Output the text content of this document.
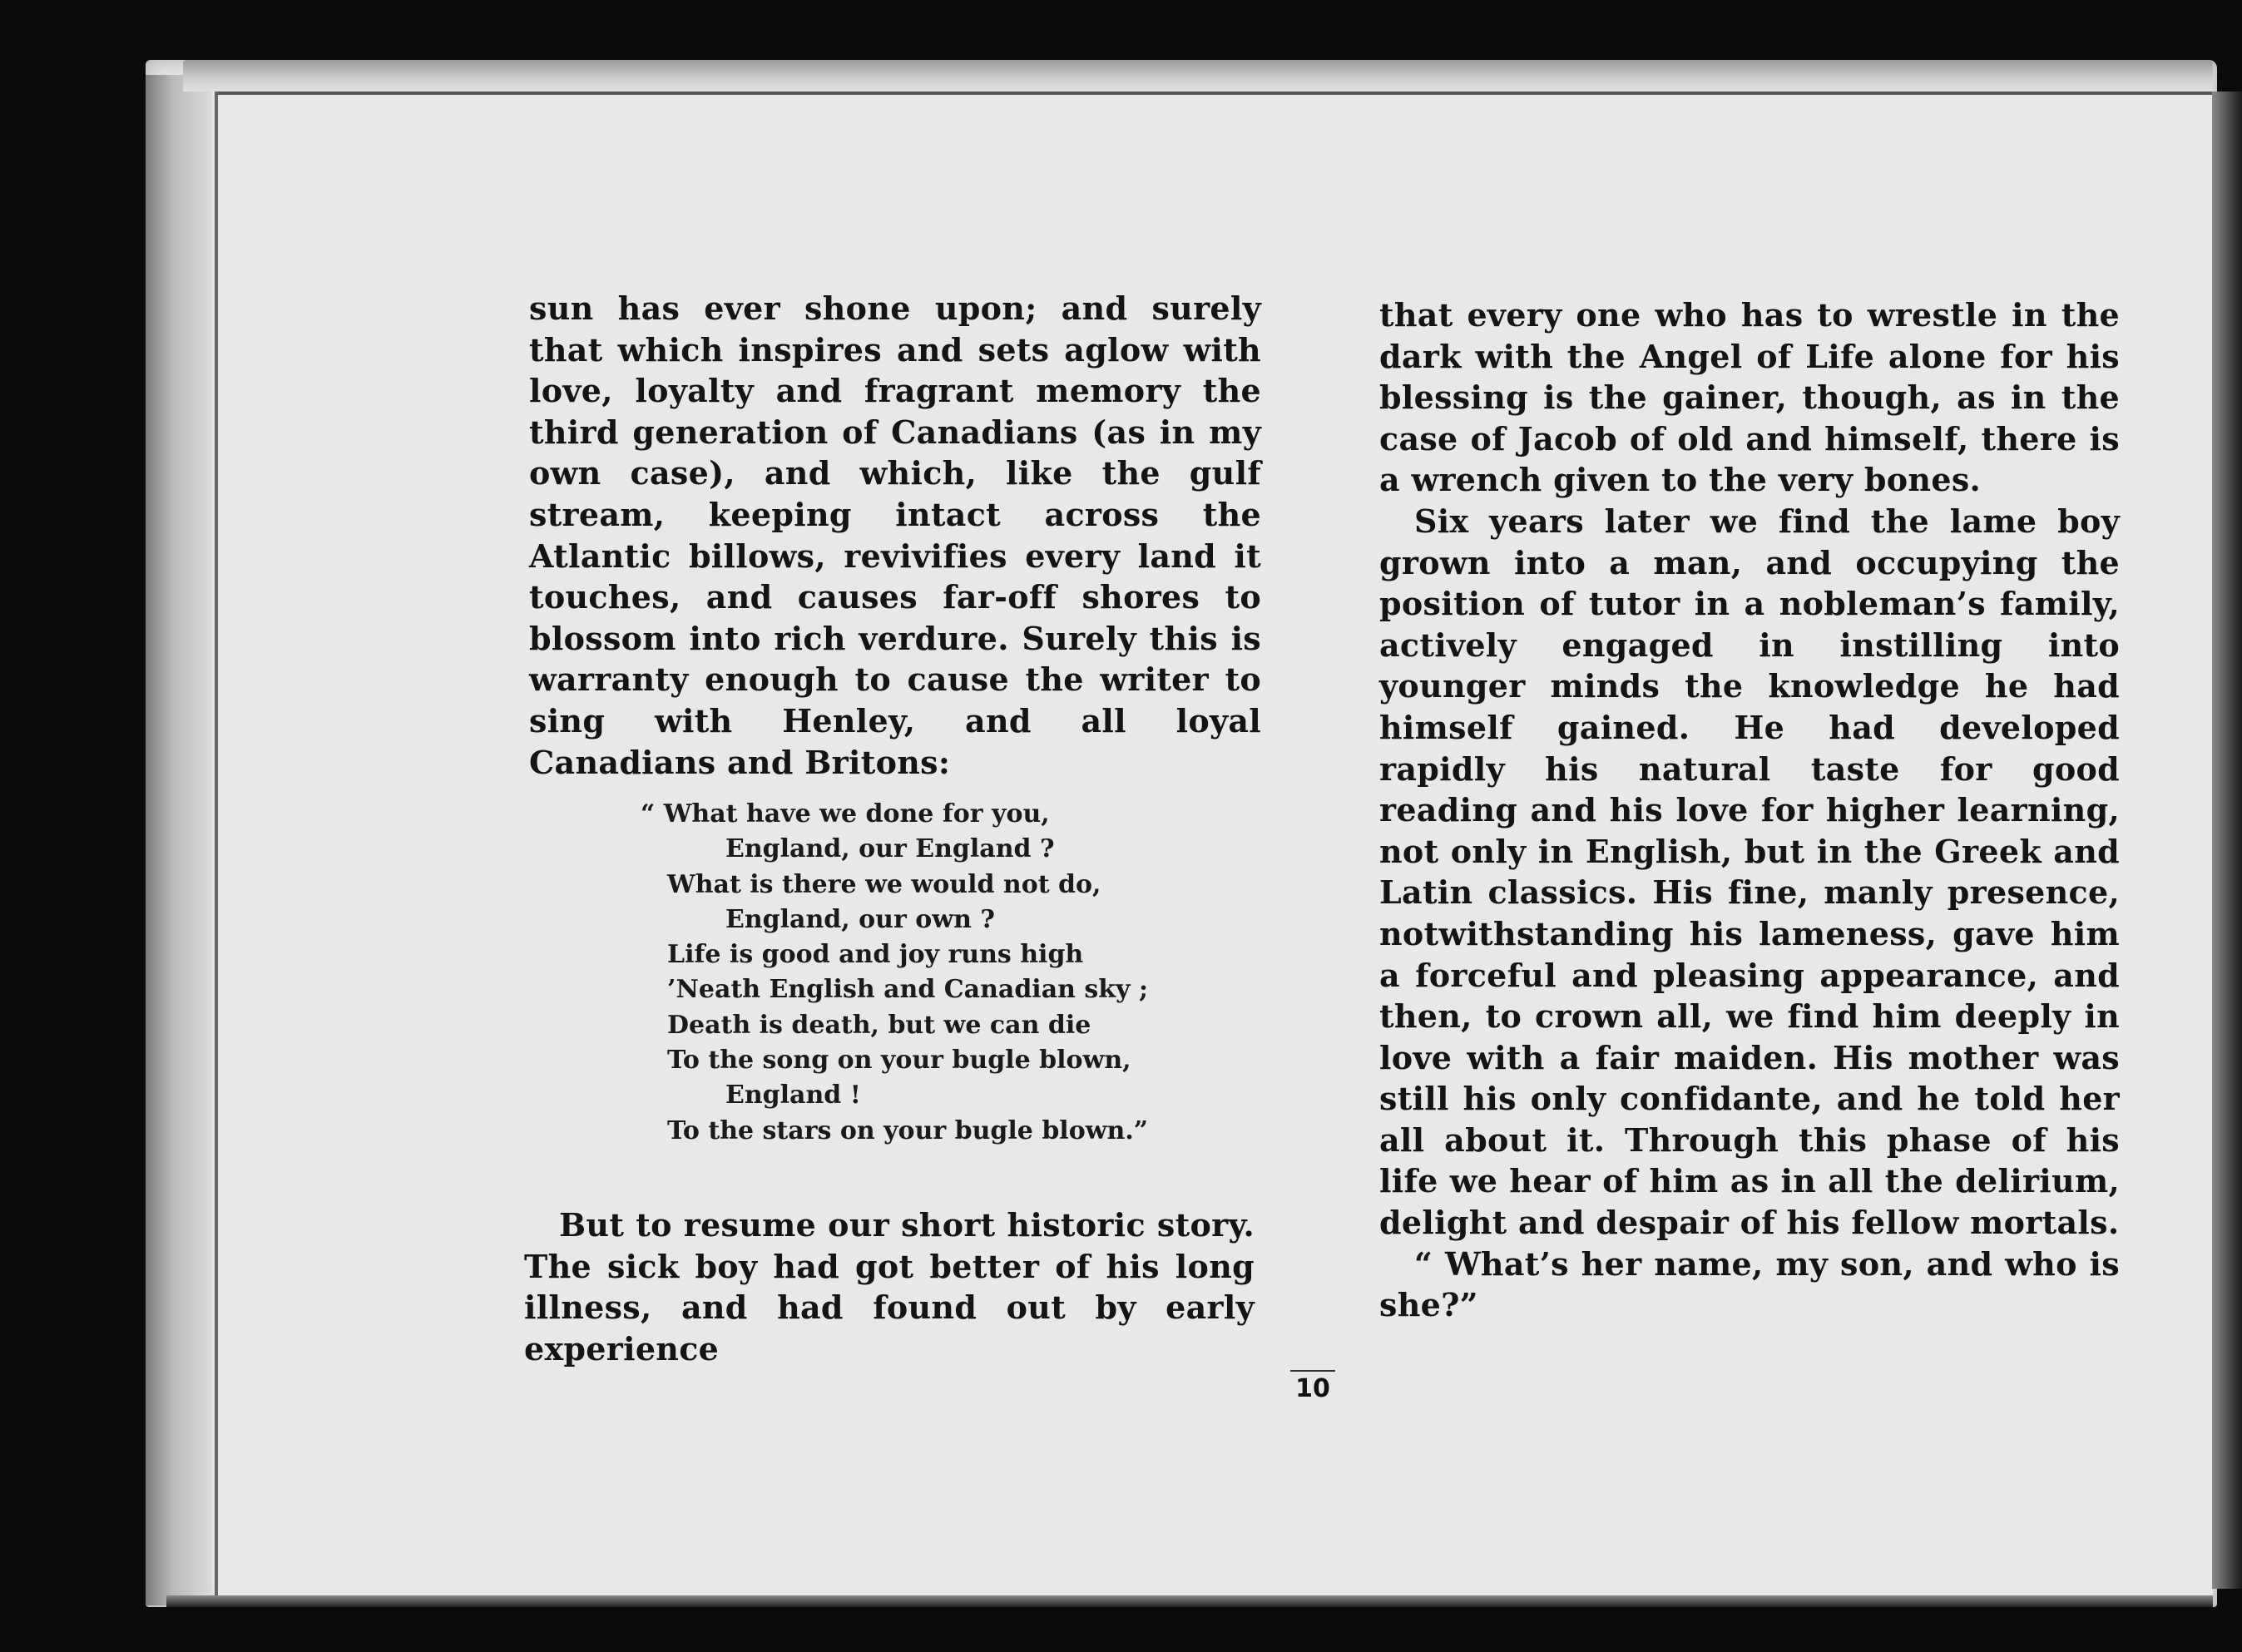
sun has ever shone upon; and surely that which inspires and sets aglow with love, loyalty and fragrant memory the third generation of Canadians (as in my own case), and which, like the gulf stream, keeping intact across the Atlantic billows, revivifies every land it touches, and causes far-off shores to blossom into rich verdure. Surely this is warranty enough to cause the writer to sing with Henley, and all loyal Canadians and Britons:

“ What have we done for you,
England, our England ?
What is there we would not do,
England, our own ?
Life is good and joy runs high
’Neath English and Canadian sky ;
Death is death, but we can die
To the song on your bugle blown,
England !
To the stars on your bugle blown.”

But to resume our short historic story. The sick boy had got better of his long illness, and had found out by early experience

that every one who has to wrestle in the dark with the Angel of Life alone for his blessing is the gainer, though, as in the case of Jacob of old and himself, there is a wrench given to the very bones.

Six years later we find the lame boy grown into a man, and occupying the position of tutor in a nobleman’s family, actively engaged in instilling into younger minds the knowledge he had himself gained. He had developed rapidly his natural taste for good reading and his love for higher learning, not only in English, but in the Greek and Latin classics. His fine, manly presence, notwithstanding his lameness, gave him a forceful and pleasing appearance, and then, to crown all, we find him deeply in love with a fair maiden. His mother was still his only confidante, and he told her all about it. Through this phase of his life we hear of him as in all the delirium, delight and despair of his fellow mortals.

“ What’s her name, my son, and who is she?”

10
